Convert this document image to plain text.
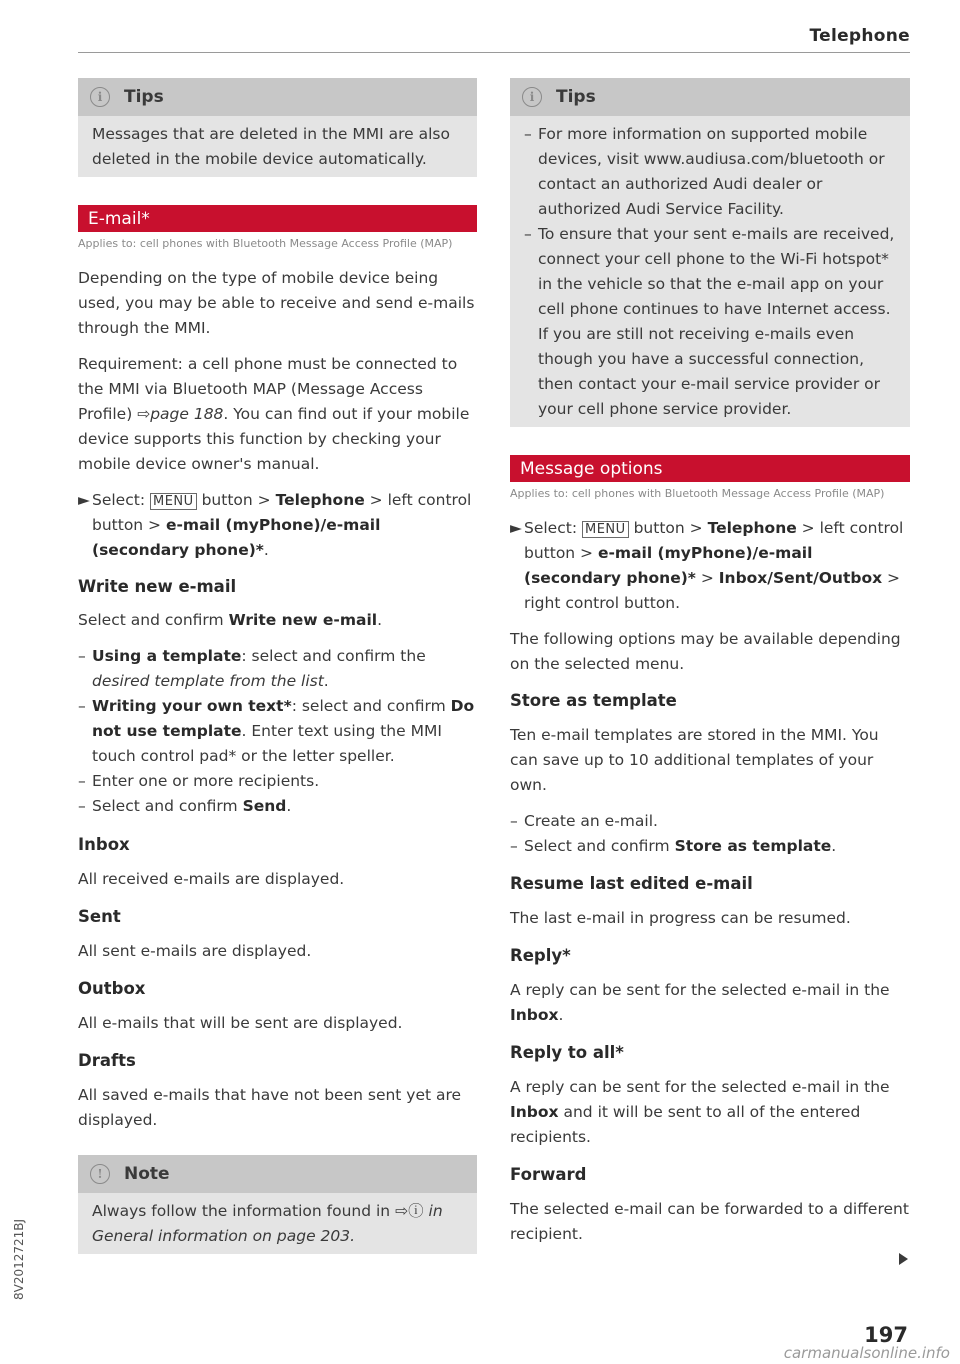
Telephone
i	Tips
Messages that are deleted in the MMI are also deleted in the mobile device automatically.
E-mail*
Applies to: cell phones with Bluetooth Message Access Profile (MAP)

Depending on the type of mobile device being used, you may be able to receive and send e-mails through the MMI.

Requirement: a cell phone must be connected to the MMI via Bluetooth MAP (Message Access Profile) ⇨page 188. You can find out if your mobile device supports this function by checking your mobile device owner's manual.

► Select: MENU button > Telephone > left control button > e-mail (myPhone)/e-mail (secondary phone)*.
Write new e-mail

Select and confirm Write new e-mail.

– Using a template: select and confirm the desired template from the list.
– Writing your own text*: select and confirm Do not use template. Enter text using the MMI touch control pad* or the letter speller.
– Enter one or more recipients.
– Select and confirm Send.
Inbox

All received e-mails are displayed.

Sent

All sent e-mails are displayed.

Outbox

All e-mails that will be sent are displayed.

Drafts

All saved e-mails that have not been sent yet are displayed.

!	Note
Always follow the information found in ⇨ⓘ in General information on page 203.
i	Tips
– For more information on supported mobile devices, visit www.audiusa.com/bluetooth or contact an authorized Audi dealer or authorized Audi Service Facility.
– To ensure that your sent e-mails are received, connect your cell phone to the Wi-Fi hotspot* in the vehicle so that the e-mail app on your cell phone continues to have Internet access. If you are still not receiving e-mails even though you have a successful connection, then contact your e-mail service provider or your cell phone service provider.
Message options
Applies to: cell phones with Bluetooth Message Access Profile (MAP)
► Select: MENU button > Telephone > left control button > e-mail (myPhone)/e-mail (secondary phone)* > Inbox/Sent/Outbox > right control button.

The following options may be available depending on the selected menu.

Store as template

Ten e-mail templates are stored in the MMI. You can save up to 10 additional templates of your own.

– Create an e-mail.
– Select and confirm Store as template.
Resume last edited e-mail

The last e-mail in progress can be resumed.

Reply*

A reply can be sent for the selected e-mail in the Inbox.

Reply to all*

A reply can be sent for the selected e-mail in the Inbox and it will be sent to all of the entered recipients.

Forward

The selected e-mail can be forwarded to a different recipient.

197
8V2012721BJ
carmanualsonline.info
